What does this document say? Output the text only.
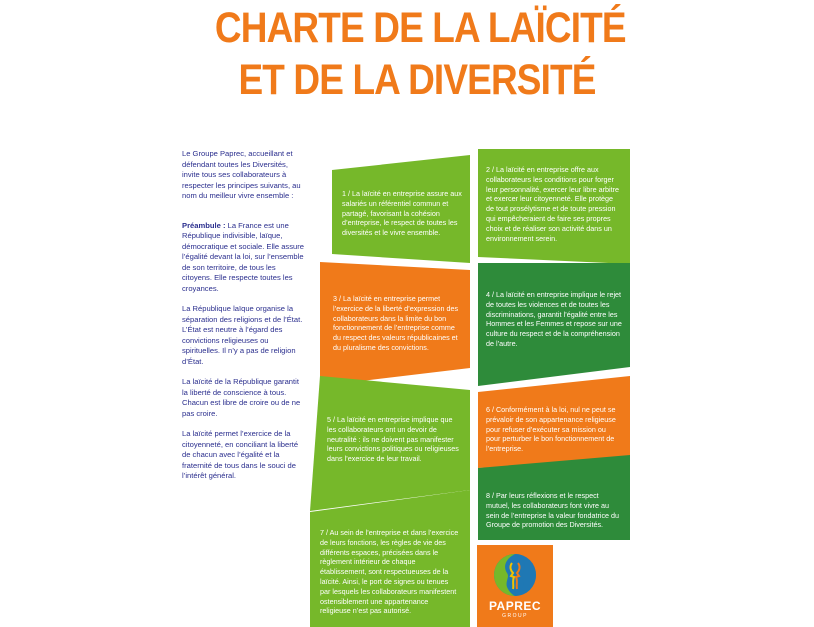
CHARTE DE LA LAÏCITÉ
ET DE LA DIVERSITÉ

Le Groupe Paprec, accueillant et défendant toutes les Diversités, invite tous ses collaborateurs à respecter les principes suivants, au nom du meilleur vivre ensemble :

Préambule : La France est une République indivisible, laïque, démocratique et sociale. Elle assure l’égalité devant la loi, sur l’ensemble de son territoire, de tous les citoyens. Elle respecte toutes les croyances.

La République laïque organise la séparation des religions et de l’État. L’État est neutre à l’égard des convictions religieuses ou spirituelles. Il n’y a pas de religion d’État.

La laïcité de la République garantit la liberté de conscience à tous. Chacun est libre de croire ou de ne pas croire.

La laïcité permet l’exercice de la citoyenneté, en conciliant la liberté de chacun avec l’égalité et la fraternité de tous dans le souci de l’intérêt général.

1 / La laïcité en entreprise assure aux salariés un référentiel commun et partagé, favorisant la cohésion d’entreprise, le respect de toutes les diversités et le vivre ensemble.
2 / La laïcité en entreprise offre aux collaborateurs les conditions pour forger leur personnalité, exercer leur libre arbitre et exercer leur citoyenneté. Elle protège de tout prosélytisme et de toute pression qui empêcheraient de faire ses propres choix et de réaliser son activité dans un environnement serein.
3 / La laïcité en entreprise permet l’exercice de la liberté d’expression des collaborateurs dans la limite du bon fonctionnement de l’entreprise comme du respect des valeurs républicaines et du pluralisme des convictions.
4 / La laïcité en entreprise implique le rejet de toutes les violences et de toutes les discriminations, garantit l’égalité entre les Hommes et les Femmes et repose sur une culture du respect et de la compréhension de l’autre.
5 / La laïcité en entreprise implique que les collaborateurs ont un devoir de neutralité : ils ne doivent pas manifester leurs convictions politiques ou religieuses dans l’exercice de leur travail.
6 / Conformément à la loi, nul ne peut se prévaloir de son appartenance religieuse pour refuser d’exécuter sa mission ou pour perturber le bon fonctionnement de l’entreprise.
7 / Au sein de l’entreprise et dans l’exercice de leurs fonctions, les règles de vie des différents espaces, précisées dans le règlement intérieur de chaque établissement, sont respectueuses de la laïcité. Ainsi, le port de signes ou tenues par lesquels les collaborateurs manifestent ostensiblement une appartenance religieuse n’est pas autorisé.
8 / Par leurs réflexions et le respect mutuel, les collaborateurs font vivre au sein de l’entreprise la valeur fondatrice du Groupe de promotion des Diversités.
PAPREC
GROUP
